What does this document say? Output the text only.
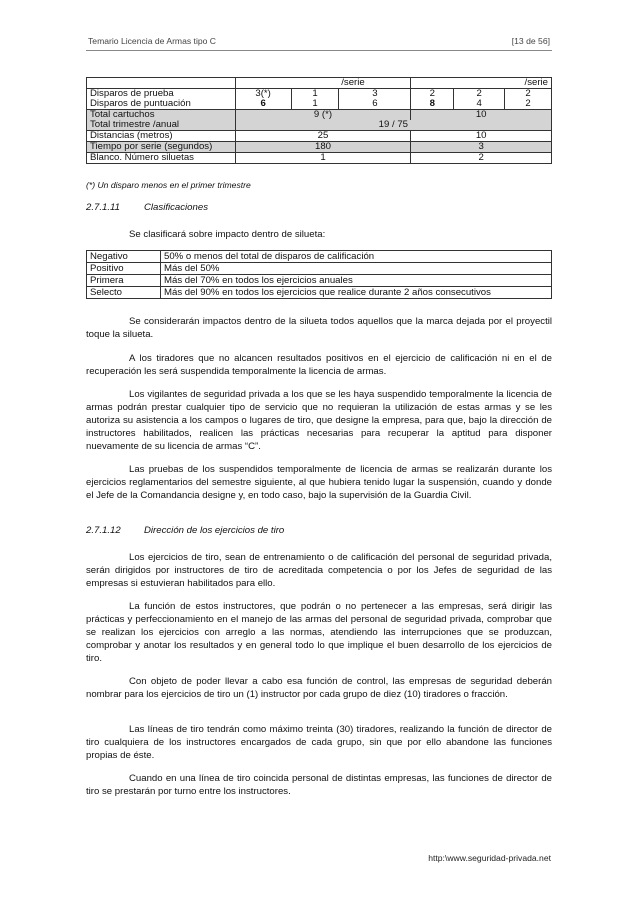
Temario Licencia de Armas tipo C	[13 de 56]
	/serie			/serie		
Disparos de prueba	3(*)	1	3	2	2	2
Disparos de puntuación	6	1	6	8	4	2
Total cartuchos	9 (*)			10		
Total trimestre /anual	19 / 75					
Distancias (metros)	25			10		
Tiempo por serie (segundos)	180			3		
Blanco. Número siluetas	1			2		
(*) Un disparo menos en el primer trimestre
2.7.1.11	Clasificaciones

Se clasificará sobre impacto dentro de silueta:

Negativo	50% o menos del total de disparos de calificación
Positivo	Más del 50%
Primera	Más del 70% en todos los ejercicios anuales
Selecto	Más del 90% en todos los ejercicios que realice durante 2 años consecutivos

Se considerarán impactos dentro de la silueta todos aquellos que la marca dejada por el proyectil toque la silueta.

A los tiradores que no alcancen resultados positivos en el ejercicio de calificación ni en el de recuperación les será suspendida temporalmente la licencia de armas.

Los vigilantes de seguridad privada a los que se les haya suspendido temporalmente la licencia de armas podrán prestar cualquier tipo de servicio que no requieran la utilización de estas armas y se les autoriza su asistencia a los campos o lugares de tiro, que designe la empresa, para que, bajo la dirección de instructores habilitados, realicen las prácticas necesarias para recuperar la aptitud para disponer nuevamente de su licencia de armas “C”.

Las pruebas de los suspendidos temporalmente de licencia de armas se realizarán durante los ejercicios reglamentarios del semestre siguiente, al que hubiera tenido lugar la suspensión, cuando y donde el Jefe de la Comandancia designe y, en todo caso, bajo la supervisión de la Guardia Civil.

2.7.1.12 Dirección de los ejercicios de tiro

Los ejercicios de tiro, sean de entrenamiento o de calificación del personal de seguridad privada, serán dirigidos por instructores de tiro de acreditada competencia o por los Jefes de seguridad de las empresas si estuvieran habilitados para ello.

La función de estos instructores, que podrán o no pertenecer a las empresas, será dirigir las prácticas y perfeccionamiento en el manejo de las armas del personal de seguridad privada, comprobar que se realizan los ejercicios con arreglo a las normas, atendiendo las interrupciones que se produzcan, comprobar y anotar los resultados y en general todo lo que implique el buen desarrollo de los ejercicios de tiro.

Con objeto de poder llevar a cabo esa función de control, las empresas de seguridad deberán nombrar para los ejercicios de tiro un (1) instructor por cada grupo de diez (10) tiradores o fracción.

Las líneas de tiro tendrán como máximo treinta (30) tiradores, realizando la función de director de tiro cualquiera de los instructores encargados de cada grupo, sin que por ello abandone las funciones propias de éste.

Cuando en una línea de tiro coincida personal de distintas empresas, las funciones de director de tiro se prestarán por turno entre los instructores.

http:\www.seguridad-privada.net
